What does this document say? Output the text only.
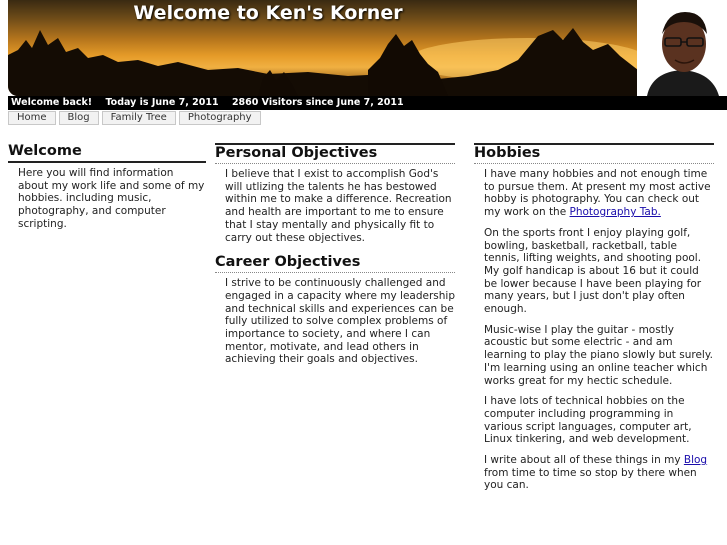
Welcome to Ken's Korner
Welcome back! Today is June 7, 2011 2860 Visitors since June 7, 2011
Home	Blog	Family Tree	Photography
Welcome
Here you will find information about my work life and some of my hobbies. including music, photography, and computer scripting.
Personal Objectives
I believe that I exist to accomplish God's will utlizing the talents he has bestowed within me to make a difference. Recreation and health are important to me to ensure that I stay mentally and physically fit to carry out these objectives.
Career Objectives
I strive to be continuously challenged and engaged in a capacity where my leadership and technical skills and experiences can be fully utilized to solve complex problems of importance to society, and where I can mentor, motivate, and lead others in achieving their goals and objectives.
Hobbies
I have many hobbies and not enough time to pursue them. At present my most active hobby is photography. You can check out my work on the Photography Tab.
On the sports front I enjoy playing golf, bowling, basketball, racketball, table tennis, lifting weights, and shooting pool. My golf handicap is about 16 but it could be lower because I have been playing for many years, but I just don't play often enough.
Music-wise I play the guitar - mostly acoustic but some electric - and am learning to play the piano slowly but surely. I'm learning using an online teacher which works great for my hectic schedule.
I have lots of technical hobbies on the computer including programming in various script languages, computer art, Linux tinkering, and web development.
I write about all of these things in my Blog from time to time so stop by there when you can.
